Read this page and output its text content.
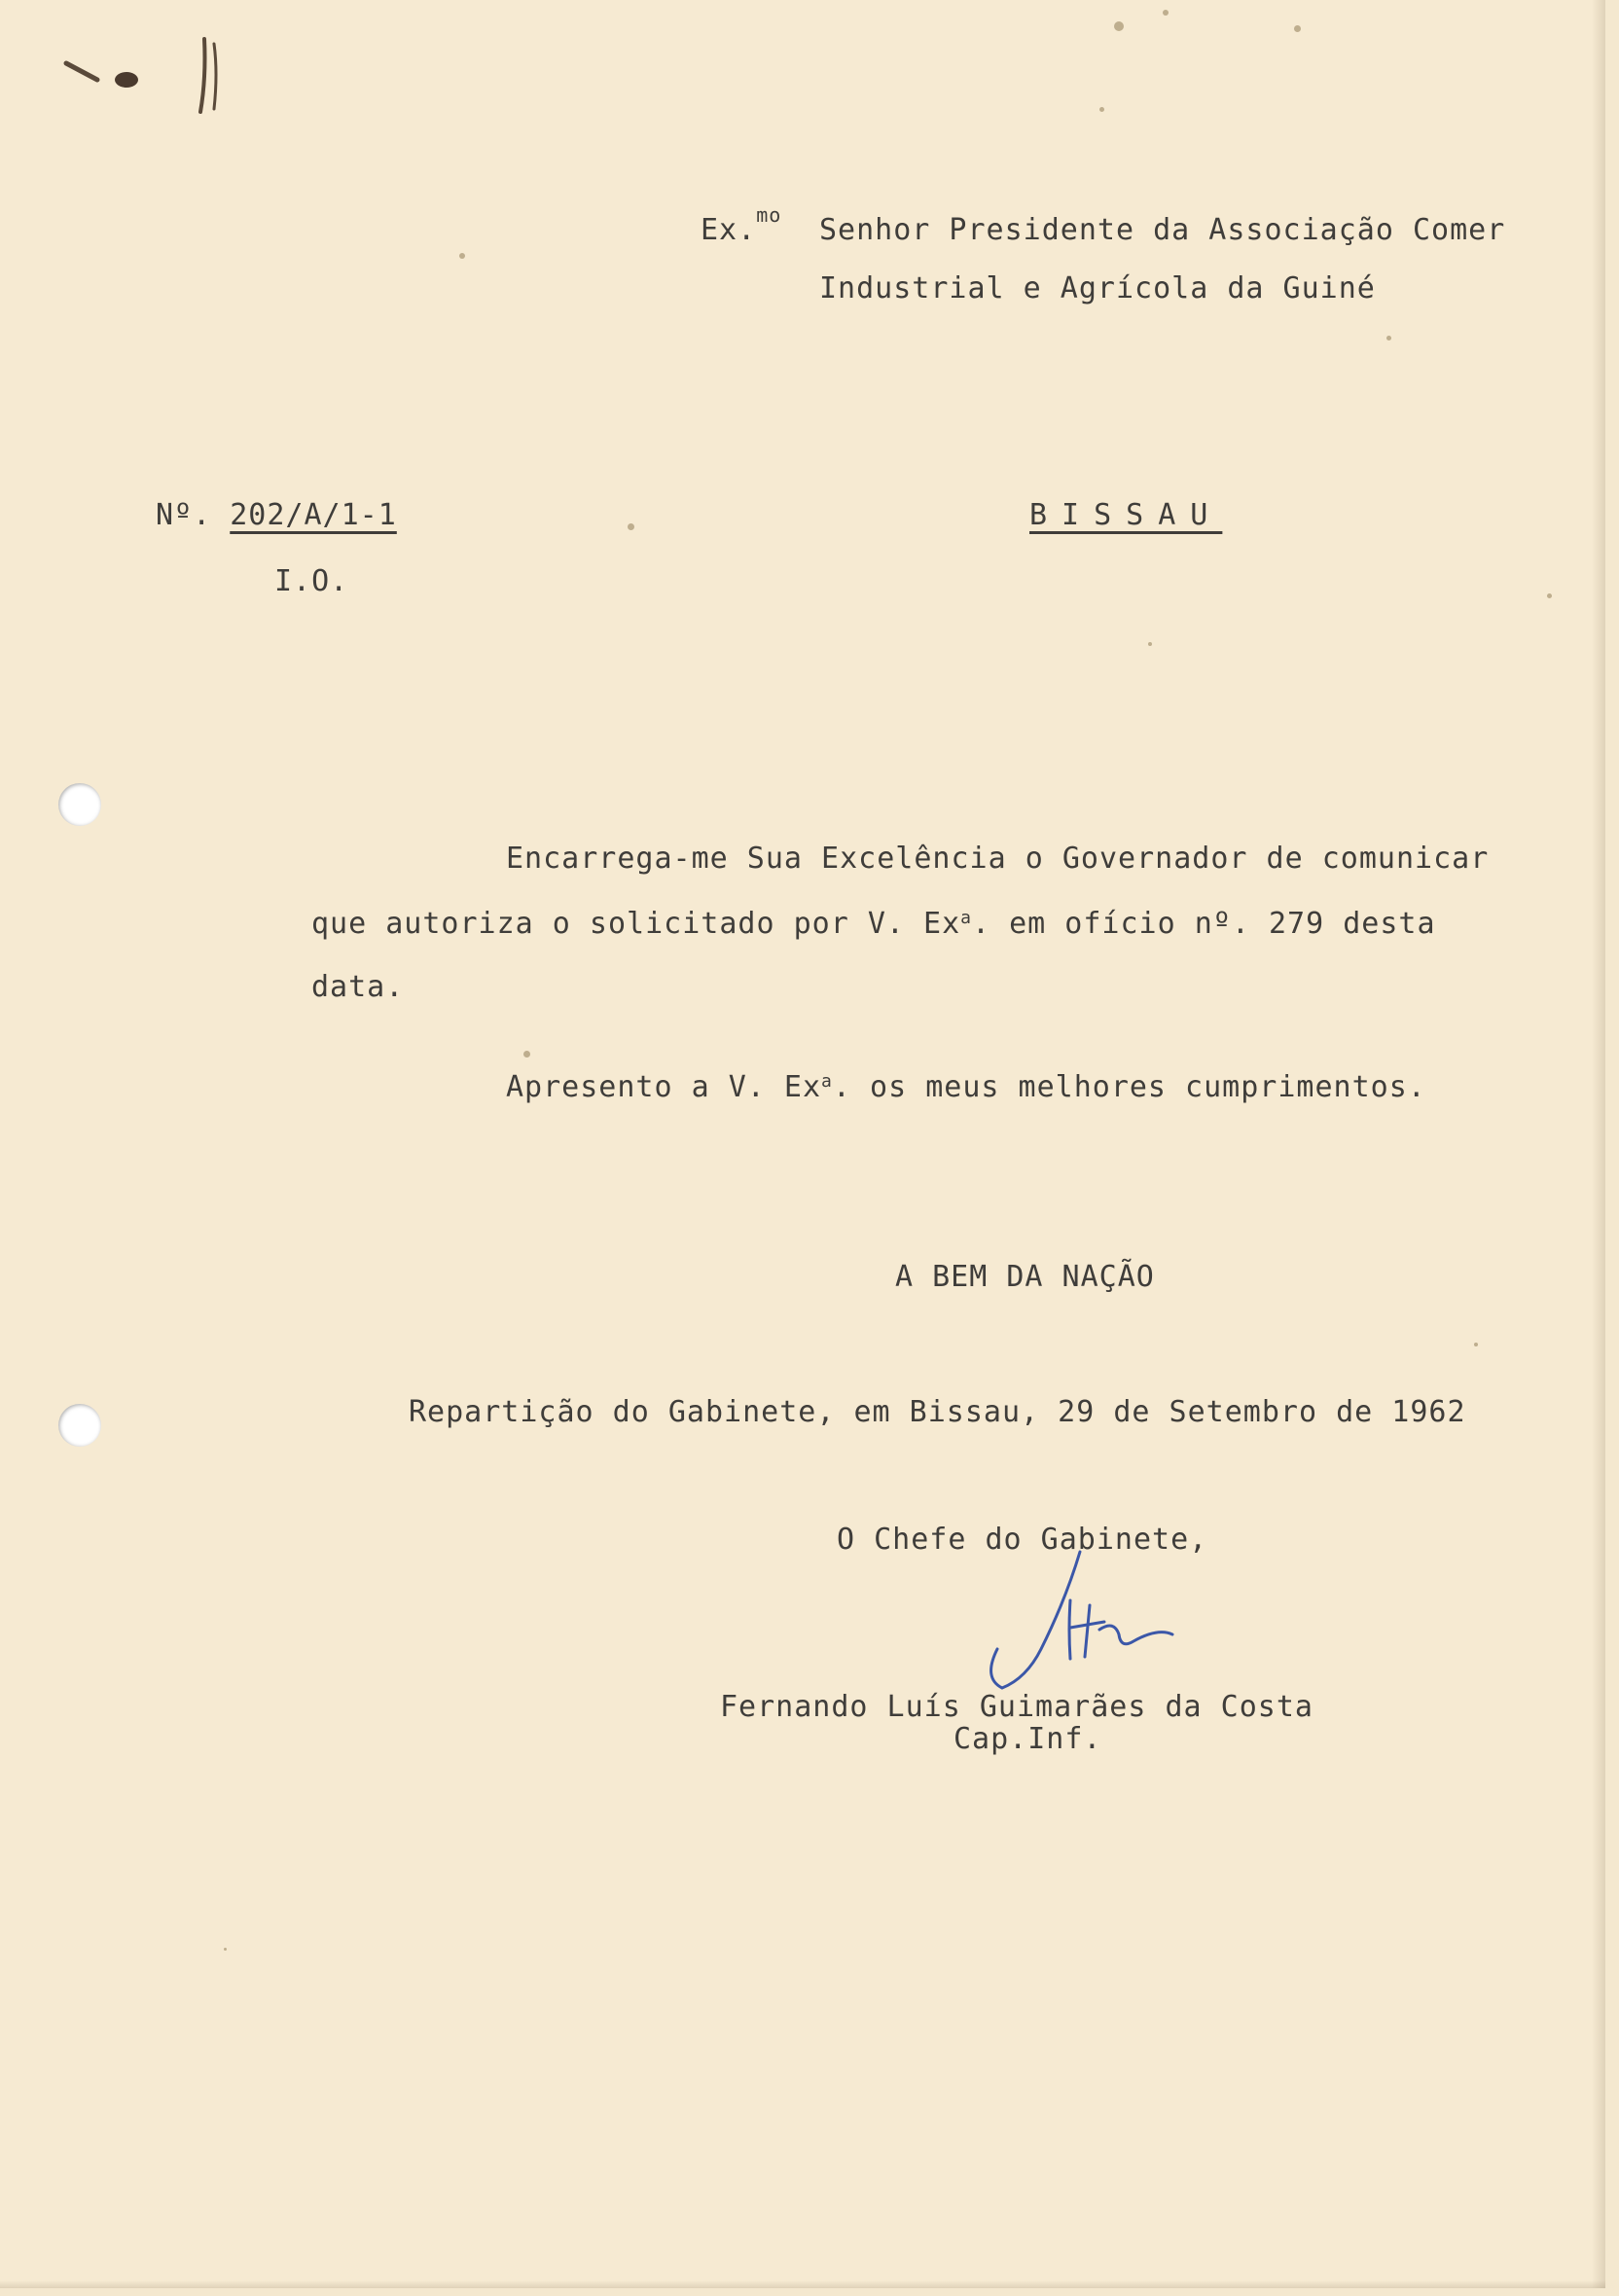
Ex.$^{mo}$ Senhor Presidente da Associação Comer
Industrial e Agrícola da Guiné
Nº. 202/A/1-1
I.O.
BISSAU
Encarrega-me Sua Excelência o Governador de comunicar
que autoriza o solicitado por V. Ex$^a$. em ofício nº. 279 desta
data.
Apresento a V. Ex$^a$. os meus melhores cumprimentos.
A BEM DA NAÇÃO
Repartição do Gabinete, em Bissau, 29 de Setembro de 1962
O Chefe do Gabinete,
Fernando Luís Guimarães da Costa
Cap.Inf.
